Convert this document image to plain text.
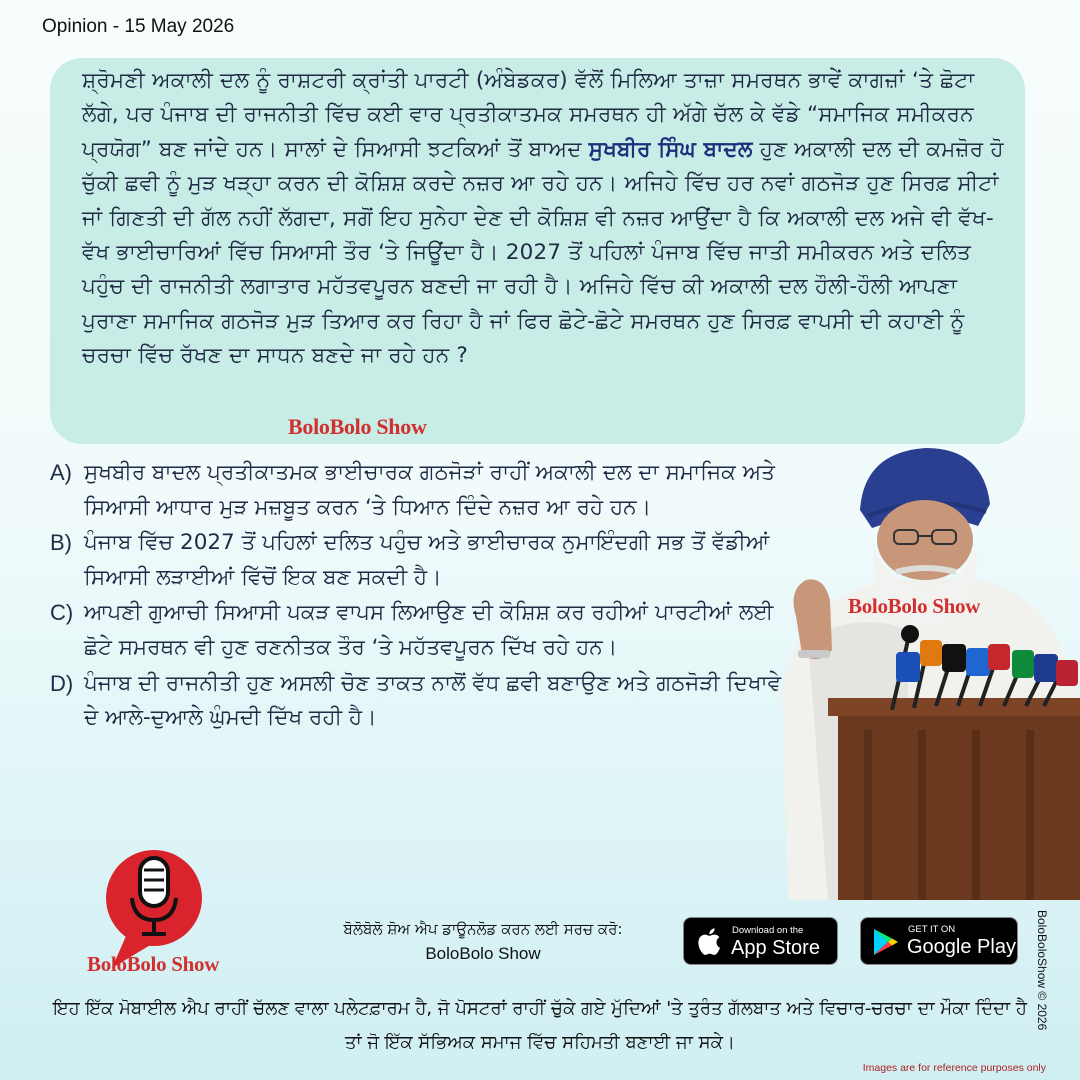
Opinion - 15 May 2026
ਸ਼੍ਰੋਮਣੀ ਅਕਾਲੀ ਦਲ ਨੂੰ ਰਾਸ਼ਟਰੀ ਕ੍ਰਾਂਤੀ ਪਾਰਟੀ (ਅੰਬੇਡਕਰ) ਵੱਲੋਂ ਮਿਲਿਆ ਤਾਜ਼ਾ ਸਮਰਥਨ ਭਾਵੇਂ ਕਾਗਜ਼ਾਂ ‘ਤੇ ਛੋਟਾ ਲੱਗੇ, ਪਰ ਪੰਜਾਬ ਦੀ ਰਾਜਨੀਤੀ ਵਿੱਚ ਕਈ ਵਾਰ ਪ੍ਰਤੀਕਾਤਮਕ ਸਮਰਥਨ ਹੀ ਅੱਗੇ ਚੱਲ ਕੇ ਵੱਡੇ “ਸਮਾਜਿਕ ਸਮੀਕਰਨ ਪ੍ਰਯੋਗ” ਬਣ ਜਾਂਦੇ ਹਨ। ਸਾਲਾਂ ਦੇ ਸਿਆਸੀ ਝਟਕਿਆਂ ਤੋਂ ਬਾਅਦ ਸੁਖਬੀਰ ਸਿੰਘ ਬਾਦਲ ਹੁਣ ਅਕਾਲੀ ਦਲ ਦੀ ਕਮਜ਼ੋਰ ਹੋ ਚੁੱਕੀ ਛਵੀ ਨੂੰ ਮੁੜ ਖੜ੍ਹਾ ਕਰਨ ਦੀ ਕੋਸ਼ਿਸ਼ ਕਰਦੇ ਨਜ਼ਰ ਆ ਰਹੇ ਹਨ। ਅਜਿਹੇ ਵਿੱਚ ਹਰ ਨਵਾਂ ਗਠਜੋੜ ਹੁਣ ਸਿਰਫ਼ ਸੀਟਾਂ ਜਾਂ ਗਿਣਤੀ ਦੀ ਗੱਲ ਨਹੀਂ ਲੱਗਦਾ, ਸਗੋਂ ਇਹ ਸੁਨੇਹਾ ਦੇਣ ਦੀ ਕੋਸ਼ਿਸ਼ ਵੀ ਨਜ਼ਰ ਆਉਂਦਾ ਹੈ ਕਿ ਅਕਾਲੀ ਦਲ ਅਜੇ ਵੀ ਵੱਖ-ਵੱਖ ਭਾਈਚਾਰਿਆਂ ਵਿੱਚ ਸਿਆਸੀ ਤੌਰ ‘ਤੇ ਜਿਊਂਦਾ ਹੈ। 2027 ਤੋਂ ਪਹਿਲਾਂ ਪੰਜਾਬ ਵਿੱਚ ਜਾਤੀ ਸਮੀਕਰਨ ਅਤੇ ਦਲਿਤ ਪਹੁੰਚ ਦੀ ਰਾਜਨੀਤੀ ਲਗਾਤਾਰ ਮਹੱਤਵਪੂਰਨ ਬਣਦੀ ਜਾ ਰਹੀ ਹੈ। ਅਜਿਹੇ ਵਿੱਚ ਕੀ ਅਕਾਲੀ ਦਲ ਹੌਲੀ-ਹੌਲੀ ਆਪਣਾ ਪੁਰਾਣਾ ਸਮਾਜਿਕ ਗਠਜੋੜ ਮੁੜ ਤਿਆਰ ਕਰ ਰਿਹਾ ਹੈ ਜਾਂ ਫਿਰ ਛੋਟੇ-ਛੋਟੇ ਸਮਰਥਨ ਹੁਣ ਸਿਰਫ਼ ਵਾਪਸੀ ਦੀ ਕਹਾਣੀ ਨੂੰ ਚਰਚਾ ਵਿੱਚ ਰੱਖਣ ਦਾ ਸਾਧਨ ਬਣਦੇ ਜਾ ਰਹੇ ਹਨ ?
BoloBolo Show
A) ਸੁਖਬੀਰ ਬਾਦਲ ਪ੍ਰਤੀਕਾਤਮਕ ਭਾਈਚਾਰਕ ਗਠਜੋੜਾਂ ਰਾਹੀਂ ਅਕਾਲੀ ਦਲ ਦਾ ਸਮਾਜਿਕ ਅਤੇ ਸਿਆਸੀ ਆਧਾਰ ਮੁੜ ਮਜ਼ਬੂਤ ਕਰਨ ‘ਤੇ ਧਿਆਨ ਦਿੰਦੇ ਨਜ਼ਰ ਆ ਰਹੇ ਹਨ।
B) ਪੰਜਾਬ ਵਿੱਚ 2027 ਤੋਂ ਪਹਿਲਾਂ ਦਲਿਤ ਪਹੁੰਚ ਅਤੇ ਭਾਈਚਾਰਕ ਨੁਮਾਇੰਦਗੀ ਸਭ ਤੋਂ ਵੱਡੀਆਂ ਸਿਆਸੀ ਲੜਾਈਆਂ ਵਿੱਚੋਂ ਇਕ ਬਣ ਸਕਦੀ ਹੈ।
C) ਆਪਣੀ ਗੁਆਚੀ ਸਿਆਸੀ ਪਕੜ ਵਾਪਸ ਲਿਆਉਣ ਦੀ ਕੋਸ਼ਿਸ਼ ਕਰ ਰਹੀਆਂ ਪਾਰਟੀਆਂ ਲਈ ਛੋਟੇ ਸਮਰਥਨ ਵੀ ਹੁਣ ਰਣਨੀਤਕ ਤੌਰ ‘ਤੇ ਮਹੱਤਵਪੂਰਨ ਦਿੱਖ ਰਹੇ ਹਨ।
D) ਪੰਜਾਬ ਦੀ ਰਾਜਨੀਤੀ ਹੁਣ ਅਸਲੀ ਚੋਣ ਤਾਕਤ ਨਾਲੋਂ ਵੱਧ ਛਵੀ ਬਣਾਉਣ ਅਤੇ ਗਠਜੋੜੀ ਦਿਖਾਵੇ ਦੇ ਆਲੇ-ਦੁਆਲੇ ਘੁੰਮਦੀ ਦਿੱਖ ਰਹੀ ਹੈ।
BoloBolo Show
BoloBolo Show
ਬੋਲੋਬੋਲੋ ਸ਼ੋਅ ਐਪ ਡਾਊਨਲੋਡ ਕਰਨ ਲਈ ਸਰਚ ਕਰੋ:
BoloBolo Show
Download on the
App Store
GET IT ON
Google Play
ਇਹ ਇੱਕ ਮੋਬਾਈਲ ਐਪ ਰਾਹੀਂ ਚੱਲਣ ਵਾਲਾ ਪਲੇਟਫ਼ਾਰਮ ਹੈ, ਜੋ ਪੋਸਟਰਾਂ ਰਾਹੀਂ ਚੁੱਕੇ ਗਏ ਮੁੱਦਿਆਂ 'ਤੇ ਤੁਰੰਤ ਗੱਲਬਾਤ ਅਤੇ ਵਿਚਾਰ-ਚਰਚਾ ਦਾ ਮੌਕਾ ਦਿੰਦਾ ਹੈ ਤਾਂ ਜੋ ਇੱਕ ਸੱਭਿਅਕ ਸਮਾਜ ਵਿੱਚ ਸਹਿਮਤੀ ਬਣਾਈ ਜਾ ਸਕੇ।
BoloBoloShow © 2026
Images are for reference purposes only
